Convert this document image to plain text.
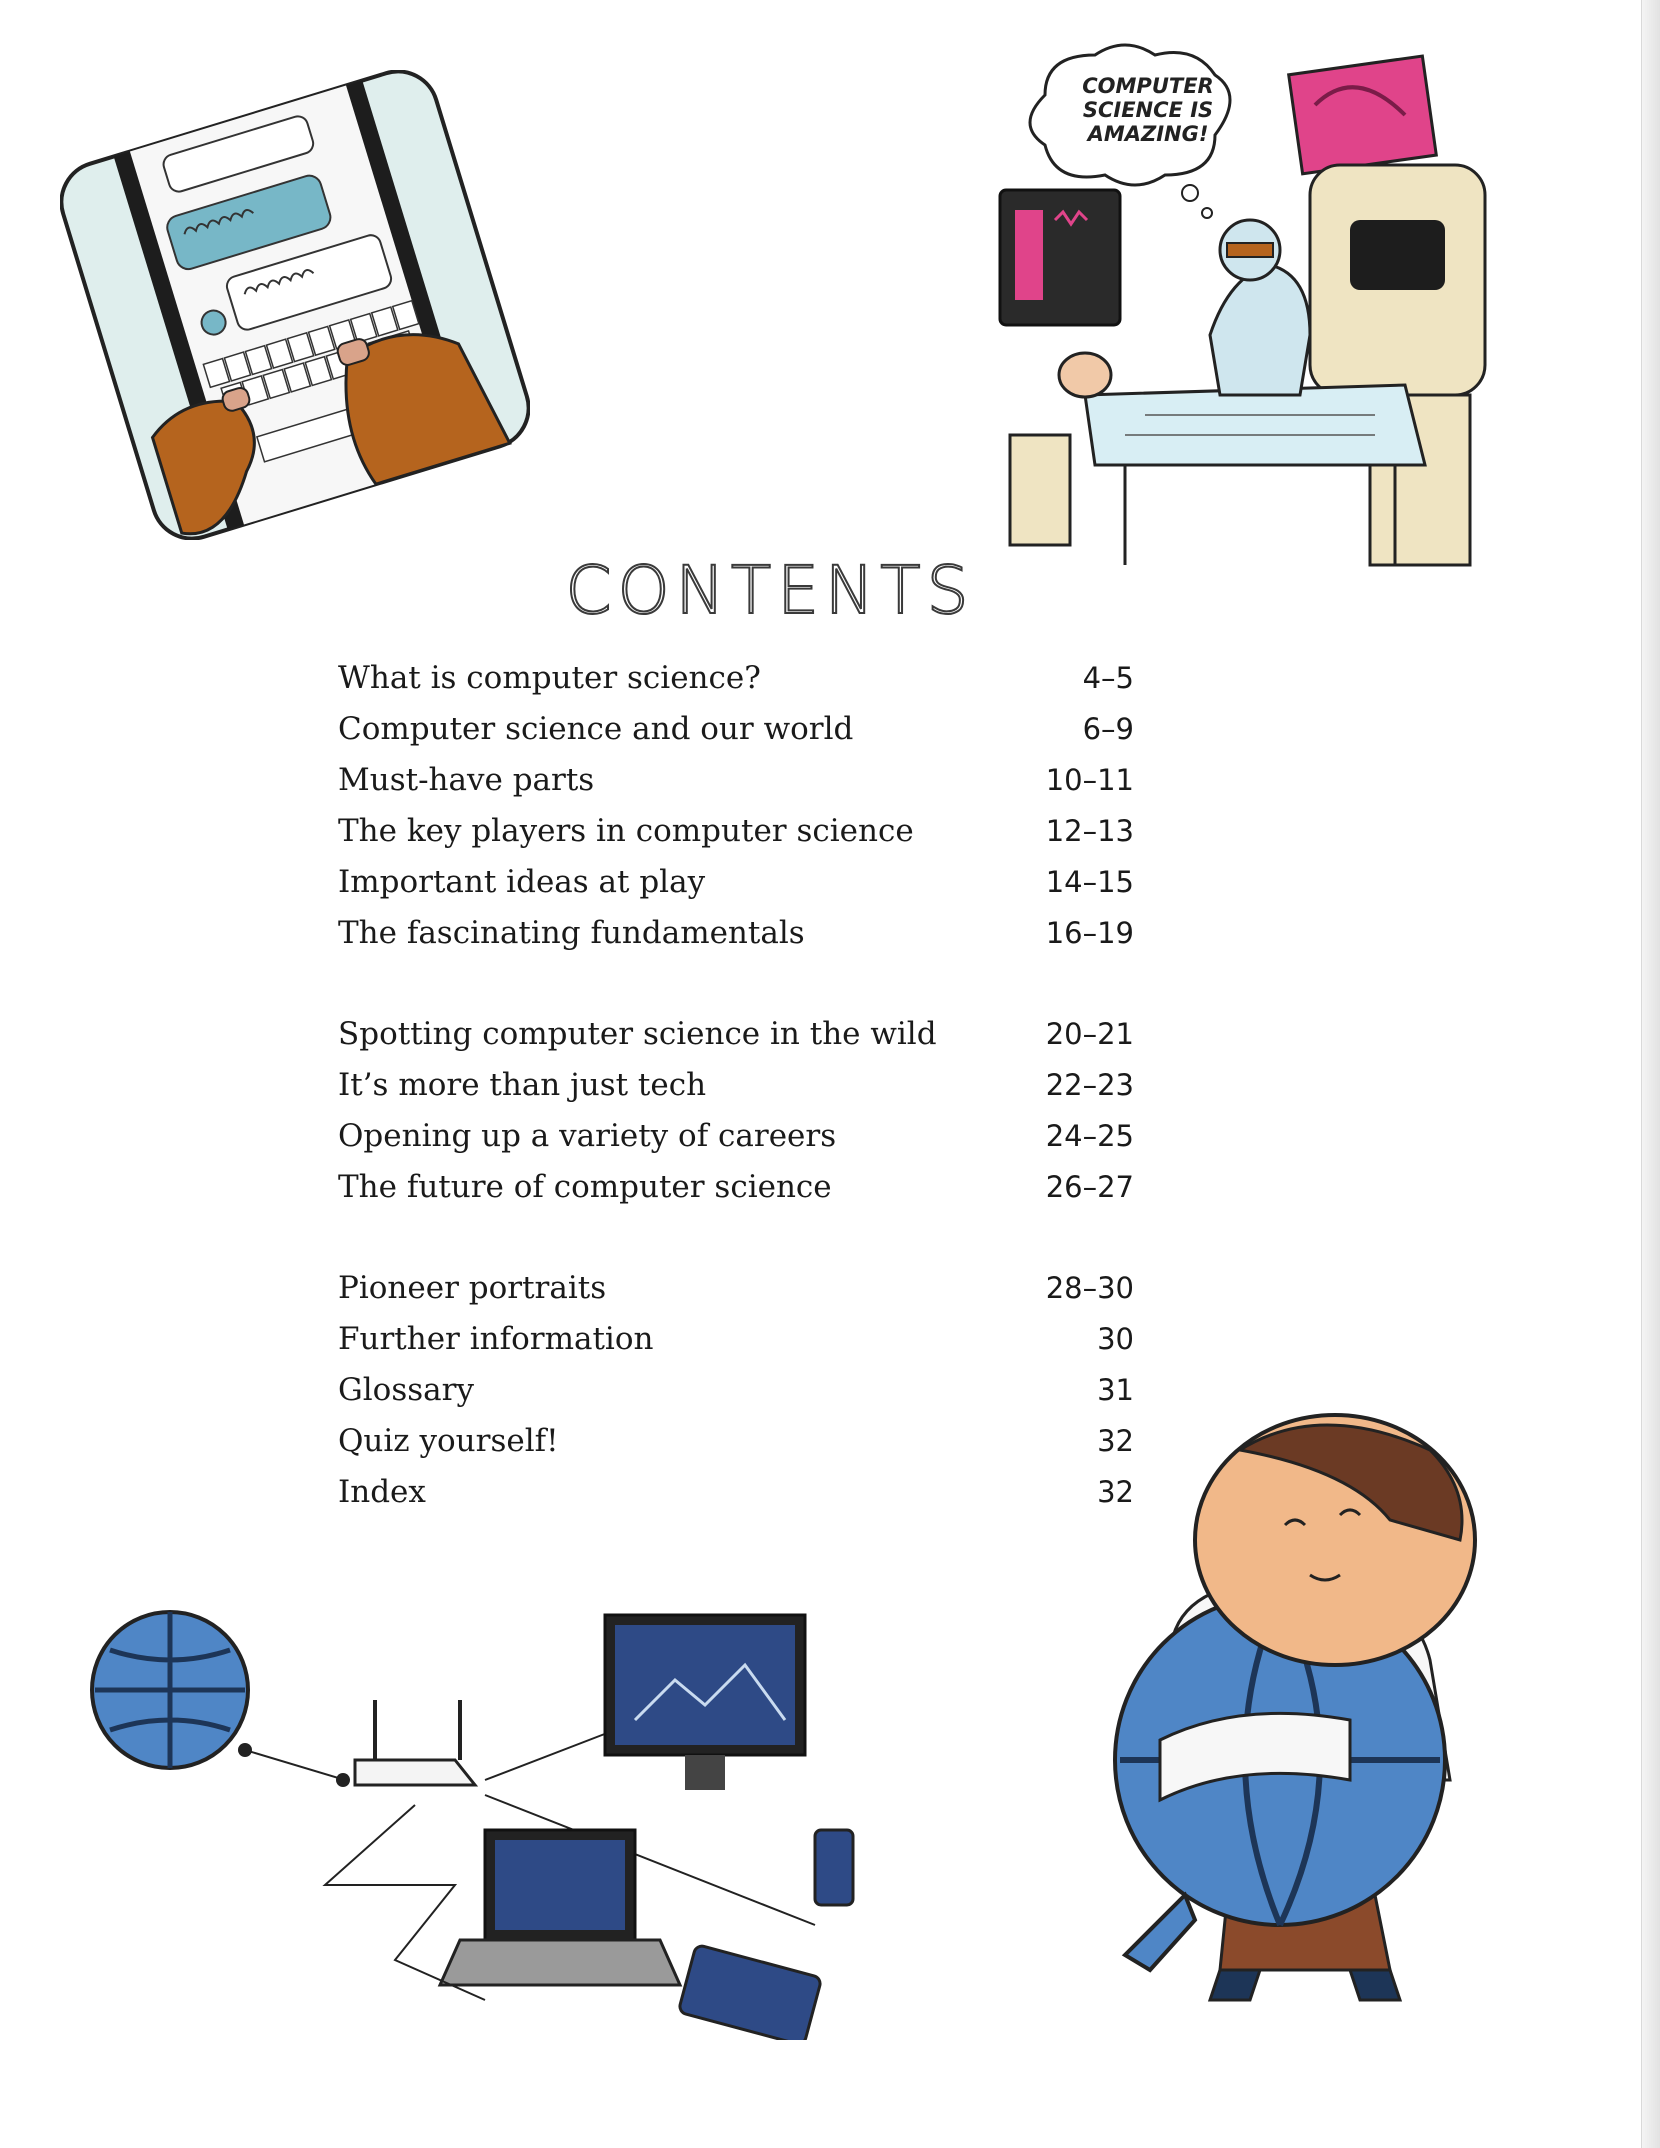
COMPUTER
SCIENCE IS
AMAZING!
CONTENTS
What is computer science?	4–5
Computer science and our world	6–9
Must-have parts	10–11
The key players in computer science	12–13
Important ideas at play	14–15
The fascinating fundamentals	16–19
Spotting computer science in the wild	20–21
It’s more than just tech	22–23
Opening up a variety of careers	24–25
The future of computer science	26–27
Pioneer portraits	28–30
Further information	30
Glossary	31
Quiz yourself!	32
Index	32
